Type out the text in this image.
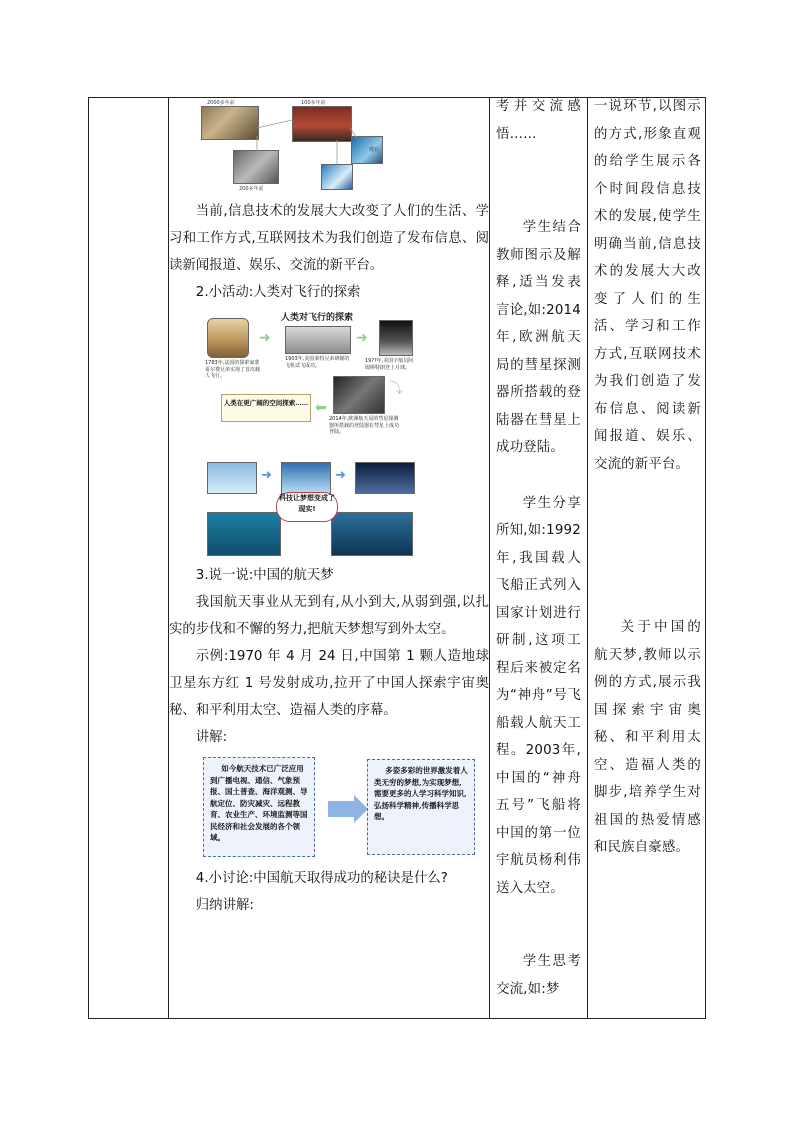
2000多年前	100多年前
200多年前
现在

当前,信息技术的发展大大改变了人们的生活、学习和工作方式,互联网技术为我们创造了发布信息、阅读新闻报道、娱乐、交流的新平台。

2.小活动:人类对飞行的探索

人类对飞行的探索
➜	➜
⤵
⬅
1783年,法国的探索家蒙哥尔费兄弟实现了首次载人飞行。
1903年,美国莱特兄弟研制的飞机试飞成功。
19??年,美国宇航员阿姆斯特朗登上月球。
2014年,欧洲航天局的彗星探测器所搭载的登陆器在彗星上成功登陆。
人类在更广阔的空间探索……
➜	➜
科技让梦想变成了现实!

3.说一说:中国的航天梦

我国航天事业从无到有,从小到大,从弱到强,以扎实的步伐和不懈的努力,把航天梦想写到外太空。

示例:1970 年 4 月 24 日,中国第 1 颗人造地球卫星东方红 1 号发射成功,拉开了中国人探索宇宙奥秘、和平利用太空、造福人类的序幕。

讲解:

如今航天技术已广泛应用到广播电视、通信、气象预报、国土普查、海洋观测、导航定位、防灾减灾、远程教育、农业生产、环境监测等国民经济和社会发展的各个领域。
多姿多彩的世界激发着人类无穷的梦想,为实现梦想,需要更多的人学习科学知识,弘扬科学精神,传播科学思想。

4.小讨论:中国航天取得成功的秘诀是什么?

归纳讲解:

考并交流感悟……

学生结合教师图示及解释,适当发表言论,如:2014年,欧洲航天局的彗星探测器所搭载的登陆器在彗星上成功登陆。

学生分享所知,如:1992年,我国载人飞船正式列入国家计划进行研制,这项工程后来被定名为“神舟”号飞船载人航天工程。2003年,中国的“神舟五号”飞船将中国的第一位宇航员杨利伟送入太空。

学生思考交流,如:梦

一说环节,以图示的方式,形象直观的给学生展示各个时间段信息技术的发展,使学生明确当前,信息技术的发展大大改变了人们的生活、学习和工作方式,互联网技术为我们创造了发布信息、阅读新闻报道、娱乐、交流的新平台。

关于中国的航天梦,教师以示例的方式,展示我国探索宇宙奥秘、和平利用太空、造福人类的脚步,培养学生对祖国的热爱情感和民族自豪感。
